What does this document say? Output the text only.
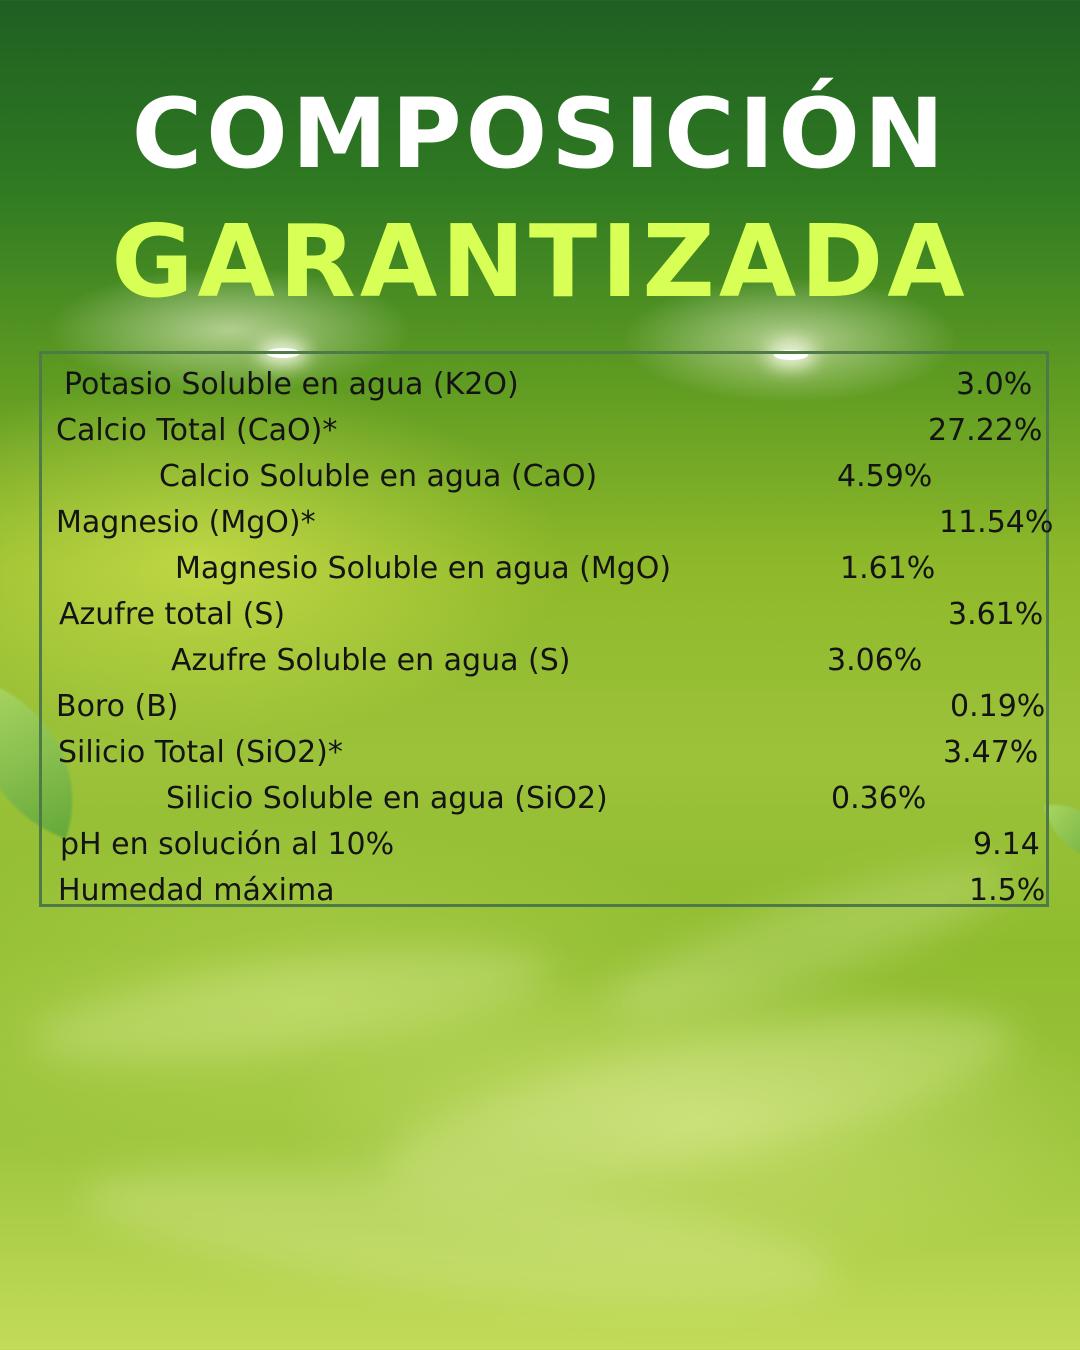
COMPOSICIÓN
GARANTIZADA
Potasio Soluble en agua (K2O)	3.0%
Calcio Total (CaO)*	27.22%
Calcio Soluble en agua (CaO)	4.59%
Magnesio (MgO)*	11.54%
Magnesio Soluble en agua (MgO)	1.61%
Azufre total (S)	3.61%
Azufre Soluble en agua (S)	3.06%
Boro (B)	0.19%
Silicio Total (SiO2)*	3.47%
Silicio Soluble en agua (SiO2)	0.36%
pH en solución al 10%	9.14
Humedad máxima	1.5%
